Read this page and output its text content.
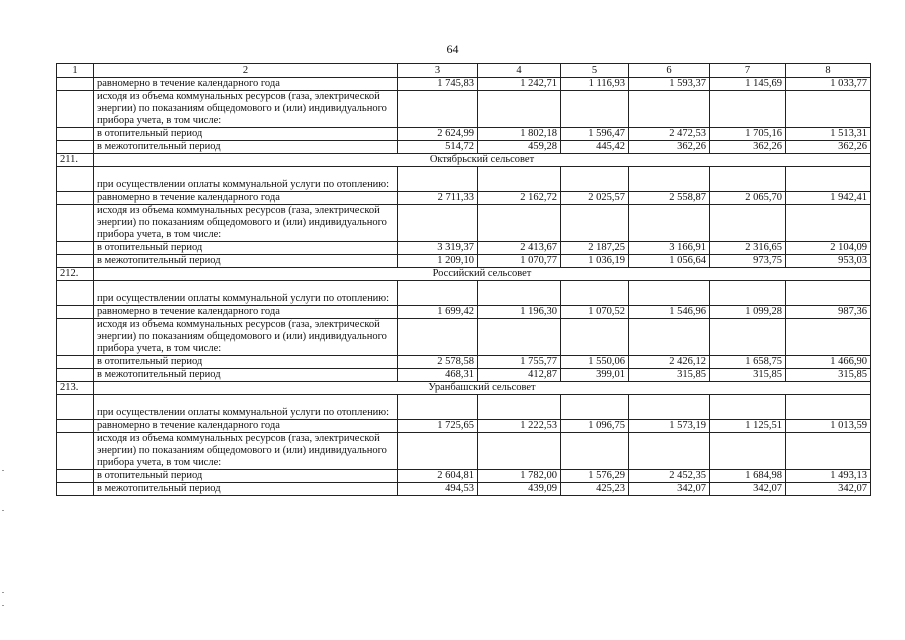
64
1	2	3	4	5	6	7	8
	равномерно в течение календарного года	1 745,83	1 242,71	1 116,93	1 593,37	1 145,69	1 033,77
	исходя из объема коммунальных ресурсов (газа, электрической энергии) по показаниям общедомового и (или) индивидуального прибора учета, в том числе:						
	в отопительный период	2 624,99	1 802,18	1 596,47	2 472,53	1 705,16	1 513,31
	в межотопительный период	514,72	459,28	445,42	362,26	362,26	362,26
211.	Октябрьский сельсовет						
	при осуществлении оплаты коммунальной услуги по отоплению:						
	равномерно в течение календарного года	2 711,33	2 162,72	2 025,57	2 558,87	2 065,70	1 942,41
	исходя из объема коммунальных ресурсов (газа, электрической энергии) по показаниям общедомового и (или) индивидуального прибора учета, в том числе:						
	в отопительный период	3 319,37	2 413,67	2 187,25	3 166,91	2 316,65	2 104,09
	в межотопительный период	1 209,10	1 070,77	1 036,19	1 056,64	973,75	953,03
212.	Российский сельсовет						
	при осуществлении оплаты коммунальной услуги по отоплению:						
	равномерно в течение календарного года	1 699,42	1 196,30	1 070,52	1 546,96	1 099,28	987,36
	исходя из объема коммунальных ресурсов (газа, электрической энергии) по показаниям общедомового и (или) индивидуального прибора учета, в том числе:						
	в отопительный период	2 578,58	1 755,77	1 550,06	2 426,12	1 658,75	1 466,90
	в межотопительный период	468,31	412,87	399,01	315,85	315,85	315,85
213.	Уранбашский сельсовет						
	при осуществлении оплаты коммунальной услуги по отоплению:						
	равномерно в течение календарного года	1 725,65	1 222,53	1 096,75	1 573,19	1 125,51	1 013,59
	исходя из объема коммунальных ресурсов (газа, электрической энергии) по показаниям общедомового и (или) индивидуального прибора учета, в том числе:						
	в отопительный период	2 604,81	1 782,00	1 576,29	2 452,35	1 684,98	1 493,13
	в межотопительный период	494,53	439,09	425,23	342,07	342,07	342,07
